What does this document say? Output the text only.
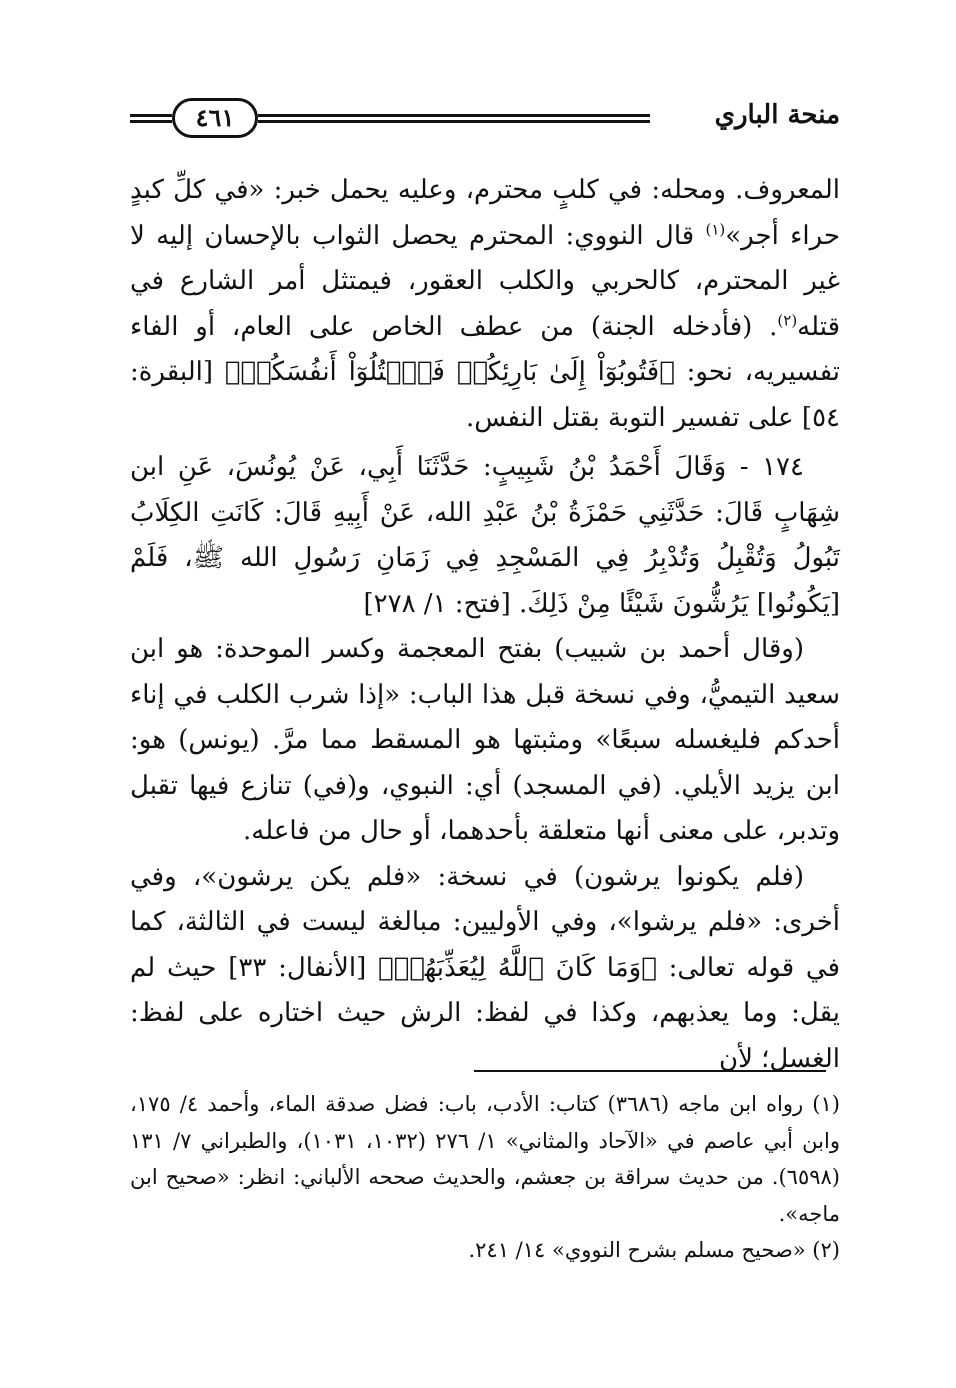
منحة الباري
٤٦١

المعروف. ومحله: في كلبٍ محترم، وعليه يحمل خبر: «في كلِّ كبدٍ حراء أجر»$^{(١)}$ قال النووي: المحترم يحصل الثواب بالإحسان إليه لا غير المحترم، كالحربي والكلب العقور، فيمتثل أمر الشارع في قتله$^{(٢)}$. (فأدخله الجنة) من عطف الخاص على العام، أو الفاء تفسيريه، نحو: ﴿فَتُوبُوٓاْ إِلَىٰ بَارِئِكُمۡ فَٱقۡتُلُوٓاْ أَنفُسَكُمۡ﴾ [البقرة: ٥٤] على تفسير التوبة بقتل النفس.

١٧٤ - وَقَالَ أَحْمَدُ بْنُ شَبِيبٍ: حَدَّثَنَا أَبِي، عَنْ يُونُسَ، عَنِ ابن شِهَابٍ قَالَ: حَدَّثَنِي حَمْزَةُ بْنُ عَبْدِ الله، عَنْ أَبِيهِ قَالَ: كَانَتِ الكِلَابُ تَبُولُ وَتُقْبِلُ وَتُدْبِرُ فِي المَسْجِدِ فِي زَمَانِ رَسُولِ الله ﷺ، فَلَمْ [يَكُونُوا] يَرُشُّونَ شَيْئًا مِنْ ذَلِكَ. [فتح: ١/ ٢٧٨]

(وقال أحمد بن شبيب) بفتح المعجمة وكسر الموحدة: هو ابن سعيد التيميُّ، وفي نسخة قبل هذا الباب: «إذا شرب الكلب في إناء أحدكم فليغسله سبعًا» ومثبتها هو المسقط مما مرَّ. (يونس) هو: ابن يزيد الأيلي. (في المسجد) أي: النبوي، و(في) تنازع فيها تقبل وتدبر، على معنى أنها متعلقة بأحدهما، أو حال من فاعله.

(فلم يكونوا يرشون) في نسخة: «فلم يكن يرشون»، وفي أخرى: «فلم يرشوا»، وفي الأوليين: مبالغة ليست في الثالثة، كما في قوله تعالى: ﴿وَمَا كَانَ ٱللَّهُ لِيُعَذِّبَهُمۡ﴾ [الأنفال: ٣٣] حيث لم يقل: وما يعذبهم، وكذا في لفظ: الرش حيث اختاره على لفظ: الغسل؛ لأن

(١) رواه ابن ماجه (٣٦٨٦) كتاب: الأدب، باب: فضل صدقة الماء، وأحمد ٤/ ١٧٥، وابن أبي عاصم في «الآحاد والمثاني» ١/ ٢٧٦ (١٠٣٢، ١٠٣١)، والطبراني ٧/ ١٣١ (٦٥٩٨). من حديث سراقة بن جعشم، والحديث صححه الألباني: انظر: «صحيح ابن ماجه».

(٢) «صحيح مسلم بشرح النووي» ١٤/ ٢٤١.
